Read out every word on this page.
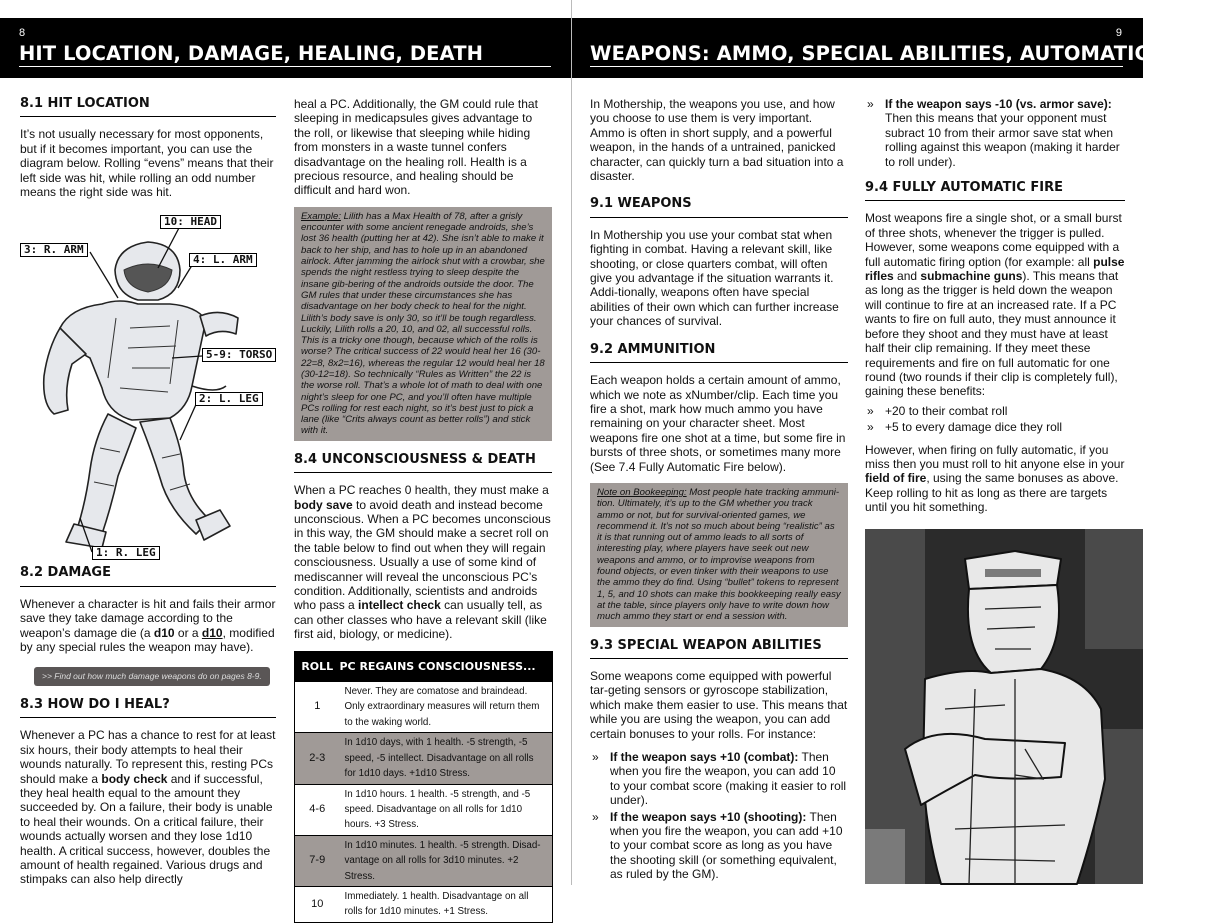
8
HIT LOCATION, DAMAGE, HEALING, DEATH
8.1 HIT LOCATION

It’s not usually necessary for most opponents, but if it becomes important, you can use the diagram below. Rolling “evens” means that their left side was hit, while rolling an odd number means the right side was hit.

10: HEAD
3: R. ARM
4: L. ARM
5-9: TORSO
2: L. LEG
1: R. LEG
8.2 DAMAGE

Whenever a character is hit and fails their armor save they take damage according to the weapon’s damage die (a d10 or a d10, modified by any special rules the weapon may have).

>> Find out how much damage weapons do on pages 8-9.
8.3 HOW DO I HEAL?

Whenever a PC has a chance to rest for at least six hours, their body attempts to heal their wounds naturally. To represent this, resting PCs should make a body check and if successful, they heal health equal to the amount they succeeded by. On a failure, their body is unable to heal their wounds. On a critical failure, their wounds actually worsen and they lose 1d10 health. A critical success, however, doubles the amount of health regained. Various drugs and stimpaks can also help directly

heal a PC. Additionally, the GM could rule that sleeping in medicapsules gives advantage to the roll, or likewise that sleeping while hiding from monsters in a waste tunnel confers disadvantage on the healing roll. Health is a precious resource, and healing should be difficult and hard won.

Example: Lilith has a Max Health of 78, after a grisly encounter with some ancient renegade androids, she’s lost 36 health (putting her at 42). She isn’t able to make it back to her ship, and has to hole up in an abandoned airlock. After jamming the airlock shut with a crowbar, she spends the night restless trying to sleep despite the insane gib-bering of the androids outside the door. The GM rules that under these circumstances she has disadvantage on her body check to heal for the night. Lilith’s body save is only 30, so it’ll be tough regardless. Luckily, Lilith rolls a 20, 10, and 02, all successful rolls. This is a tricky one though, because which of the rolls is worse? The critical success of 22 would heal her 16 (30-22=8, 8x2=16), whereas the regular 12 would heal her 18 (30-12=18). So technically “Rules as Written” the 22 is the worse roll. That’s a whole lot of math to deal with one night’s sleep for one PC, and you’ll often have multiple PCs rolling for rest each night, so it’s best just to pick a lane (like “Crits always count as better rolls”) and stick with it.
8.4 UNCONSCIOUSNESS & DEATH

When a PC reaches 0 health, they must make a body save to avoid death and instead become unconscious. When a PC becomes unconscious in this way, the GM should make a secret roll on the table below to find out when they will regain consciousness. Usually a use of some kind of mediscanner will reveal the unconscious PC’s condition. Additionally, scientists and androids who pass a intellect check can usually tell, as can other classes who have a relevant skill (like first aid, biology, or medicine).

ROLL	PC REGAINS CONSCIOUSNESS...
1	Never. They are comatose and braindead. Only extraordinary measures will return them to the waking world.
2-3	In 1d10 days, with 1 health. -5 strength, -5 speed, -5 intellect. Disadvantage on all rolls for 1d10 days. +1d10 Stress.
4-6	In 1d10 hours. 1 health. -5 strength, and -5 speed. Disadvantage on all rolls for 1d10 hours. +3 Stress.
7-9	In 1d10 minutes. 1 health. -5 strength. Disad-vantage on all rolls for 3d10 minutes. +2 Stress.
10	Immediately. 1 health. Disadvantage on all rolls for 1d10 minutes. +1 Stress.
9
WEAPONS: AMMO, SPECIAL ABILITIES, AUTOMATIC FIRE

In Mothership, the weapons you use, and how you choose to use them is very important. Ammo is often in short supply, and a powerful weapon, in the hands of a untrained, panicked character, can quickly turn a bad situation into a disaster.

9.1 WEAPONS

In Mothership you use your combat stat when fighting in combat. Having a relevant skill, like shooting, or close quarters combat, will often give you advantage if the situation warrants it. Addi-tionally, weapons often have special abilities of their own which can further increase your chances of survival.

9.2 AMMUNITION

Each weapon holds a certain amount of ammo, which we note as xNumber/clip. Each time you fire a shot, mark how much ammo you have remaining on your character sheet. Most weapons fire one shot at a time, but some fire in bursts of three shots, or sometimes many more (See 7.4 Fully Automatic Fire below).

Note on Bookeeping: Most people hate tracking ammuni-tion. Ultimately, it’s up to the GM whether you track ammo or not, but for survival-oriented games, we recommend it. It’s not so much about being “realistic” as it is that running out of ammo leads to all sorts of interesting play, where players have seek out new weapons and ammo, or to improvise weapons from found objects, or even tinker with their weapons to use the ammo they do find. Using “bullet” tokens to represent 1, 5, and 10 shots can make this bookkeeping really easy at the table, since players only have to write down how much ammo they start or end a session with.
9.3 SPECIAL WEAPON ABILITIES

Some weapons come equipped with powerful tar-geting sensors or gyroscope stabilization, which make them easier to use. This means that while you are using the weapon, you can add certain bonuses to your rolls. For instance:

» If the weapon says +10 (combat): Then when you fire the weapon, you can add 10 to your combat score (making it easier to roll under).
» If the weapon says +10 (shooting): Then when you fire the weapon, you can add +10 to your combat score as long as you have the shooting skill (or something equivalent, as ruled by the GM).
» If the weapon says -10 (vs. armor save): Then this means that your opponent must subract 10 from their armor save stat when rolling against this weapon (making it harder to roll under).
9.4 FULLY AUTOMATIC FIRE

Most weapons fire a single shot, or a small burst of three shots, whenever the trigger is pulled. However, some weapons come equipped with a full automatic firing option (for example: all pulse rifles and submachine guns). This means that as long as the trigger is held down the weapon will continue to fire at an increased rate. If a PC wants to fire on full auto, they must announce it before they shoot and they must have at least half their clip remaining. If they meet these requirements and fire on full automatic for one round (two rounds if their clip is completely full), gaining these benefits:

» +20 to their combat roll
» +5 to every damage dice they roll

However, when firing on fully automatic, if you miss then you must roll to hit anyone else in your field of fire, using the same bonuses as above. Keep rolling to hit as long as there are targets until you hit something.
